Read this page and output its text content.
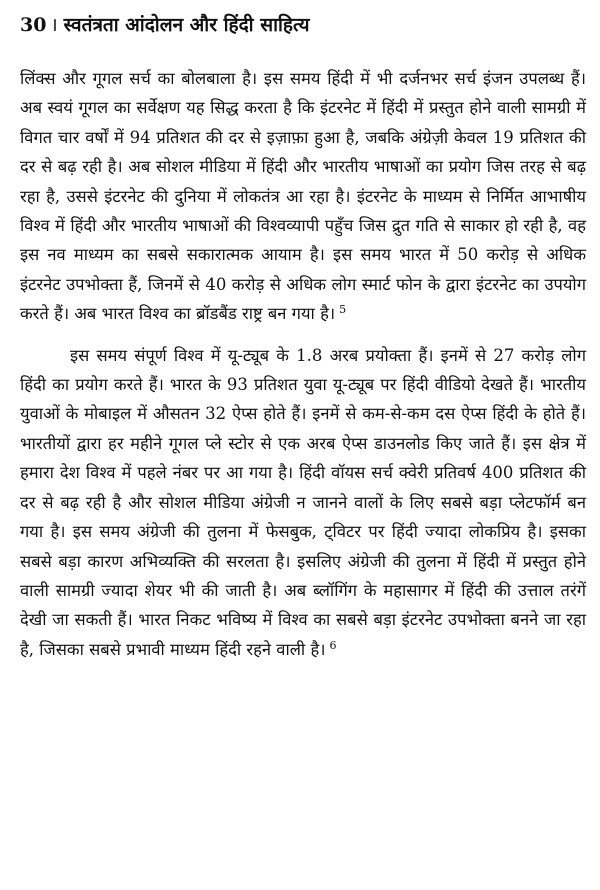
30 । स्वतंत्रता आंदोलन और हिंदी साहित्य

लिंक्स और गूगल सर्च का बोलबाला है। इस समय हिंदी में भी दर्जनभर सर्च इंजन उपलब्ध हैं। अब स्वयं गूगल का सर्वेक्षण यह सिद्ध करता है कि इंटरनेट में हिंदी में प्रस्तुत होने वाली सामग्री में विगत चार वर्षों में 94 प्रतिशत की दर से इज़ाफ़ा हुआ है, जबकि अंग्रेज़ी केवल 19 प्रतिशत की दर से बढ़ रही है। अब सोशल मीडिया में हिंदी और भारतीय भाषाओं का प्रयोग जिस तरह से बढ़ रहा है, उससे इंटरनेट की दुनिया में लोकतंत्र आ रहा है। इंटरनेट के माध्यम से निर्मित आभाषीय विश्व में हिंदी और भारतीय भाषाओं की विश्वव्यापी पहुँच जिस द्रुत गति से साकार हो रही है, वह इस नव माध्यम का सबसे सकारात्मक आयाम है। इस समय भारत में 50 करोड़ से अधिक इंटरनेट उपभोक्ता हैं, जिनमें से 40 करोड़ से अधिक लोग स्मार्ट फोन के द्वारा इंटरनेट का उपयोग करते हैं। अब भारत विश्व का ब्रॉडबैंड राष्ट्र बन गया है। $^5$

इस समय संपूर्ण विश्व में यू-ट्यूब के 1.8 अरब प्रयोक्ता हैं। इनमें से 27 करोड़ लोग हिंदी का प्रयोग करते हैं। भारत के 93 प्रतिशत युवा यू-ट्यूब पर हिंदी वीडियो देखते हैं। भारतीय युवाओं के मोबाइल में औसतन 32 ऐप्स होते हैं। इनमें से कम-से-कम दस ऐप्स हिंदी के होते हैं। भारतीयों द्वारा हर महीने गूगल प्ले स्टोर से एक अरब ऐप्स डाउनलोड किए जाते हैं। इस क्षेत्र में हमारा देश विश्व में पहले नंबर पर आ गया है। हिंदी वॉयस सर्च क्वेरी प्रतिवर्ष 400 प्रतिशत की दर से बढ़ रही है और सोशल मीडिया अंग्रेजी न जानने वालों के लिए सबसे बड़ा प्लेटफॉर्म बन गया है। इस समय अंग्रेजी की तुलना में फेसबुक, ट्विटर पर हिंदी ज्यादा लोकप्रिय है। इसका सबसे बड़ा कारण अभिव्यक्ति की सरलता है। इसलिए अंग्रेजी की तुलना में हिंदी में प्रस्तुत होने वाली सामग्री ज्यादा शेयर भी की जाती है। अब ब्लॉगिंग के महासागर में हिंदी की उत्ताल तरंगें देखी जा सकती हैं। भारत निकट भविष्य में विश्व का सबसे बड़ा इंटरनेट उपभोक्ता बनने जा रहा है, जिसका सबसे प्रभावी माध्यम हिंदी रहने वाली है। $^6$
